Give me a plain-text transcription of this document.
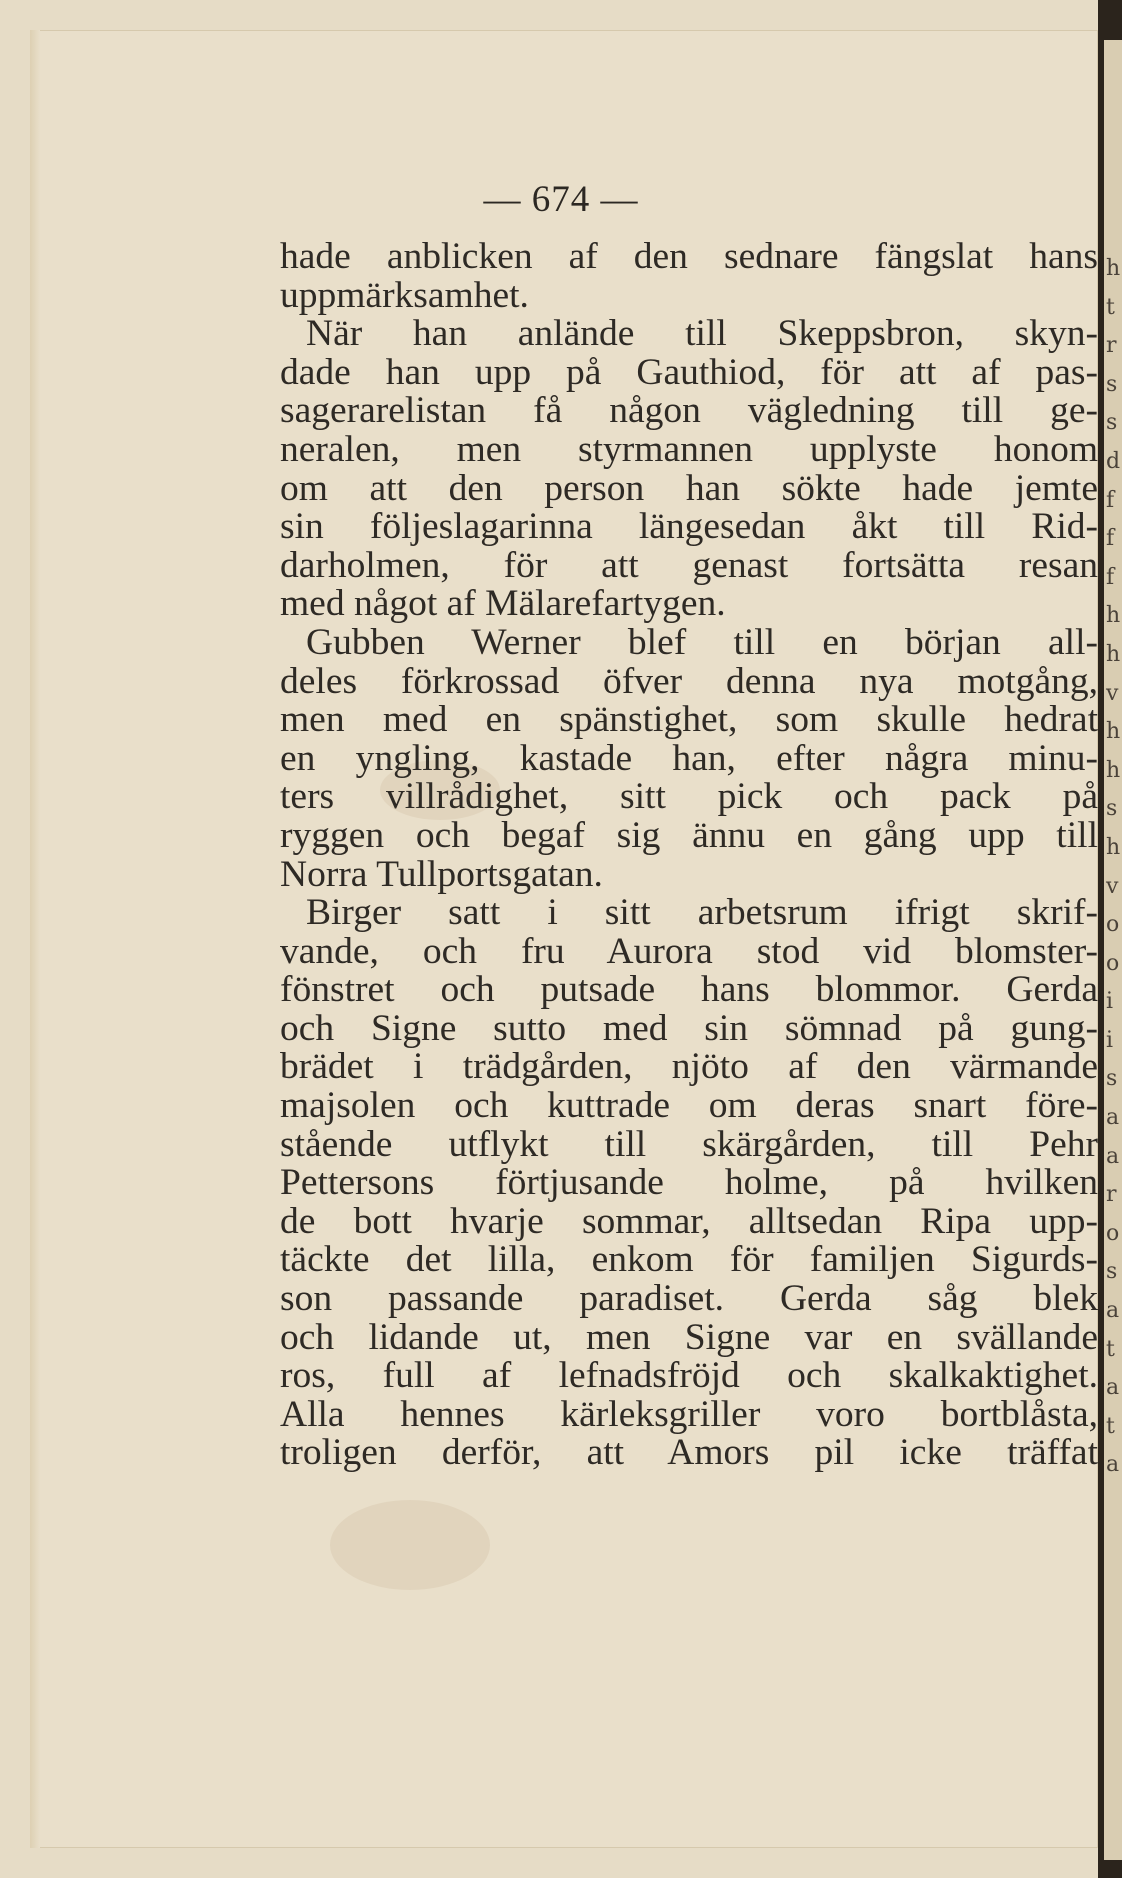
— 674 —
hade anblicken af den sednare fängslat hans
uppmärksamhet.
När han anlände till Skeppsbron, skyn-
dade han upp på Gauthiod, för att af pas-
sagerarelistan få någon vägledning till ge-
neralen, men styrmannen upplyste honom
om att den person han sökte hade jemte
sin följeslagarinna längesedan åkt till Rid-
darholmen, för att genast fortsätta resan
med något af Mälarefartygen.
Gubben Werner blef till en början all-
deles förkrossad öfver denna nya motgång,
men med en spänstighet, som skulle hedrat
en yngling, kastade han, efter några minu-
ters villrådighet, sitt pick och pack på
ryggen och begaf sig ännu en gång upp till
Norra Tullportsgatan.
Birger satt i sitt arbetsrum ifrigt skrif-
vande, och fru Aurora stod vid blomster-
fönstret och putsade hans blommor. Gerda
och Signe sutto med sin sömnad på gung-
brädet i trädgården, njöto af den värmande
majsolen och kuttrade om deras snart före-
stående utflykt till skärgården, till Pehr
Pettersons förtjusande holme, på hvilken
de bott hvarje sommar, alltsedan Ripa upp-
täckte det lilla, enkom för familjen Sigurds-
son passande paradiset. Gerda såg blek
och lidande ut, men Signe var en svällande
ros, full af lefnadsfröjd och skalkaktighet.
Alla hennes kärleksgriller voro bortblåsta,
troligen derför, att Amors pil icke träffat
h
t
r
s
s
d
f
f
f
h
h
v
h
h
s
h
v
o
o
i
i
s
a
a
r
o
s
a
t
a
t
a
